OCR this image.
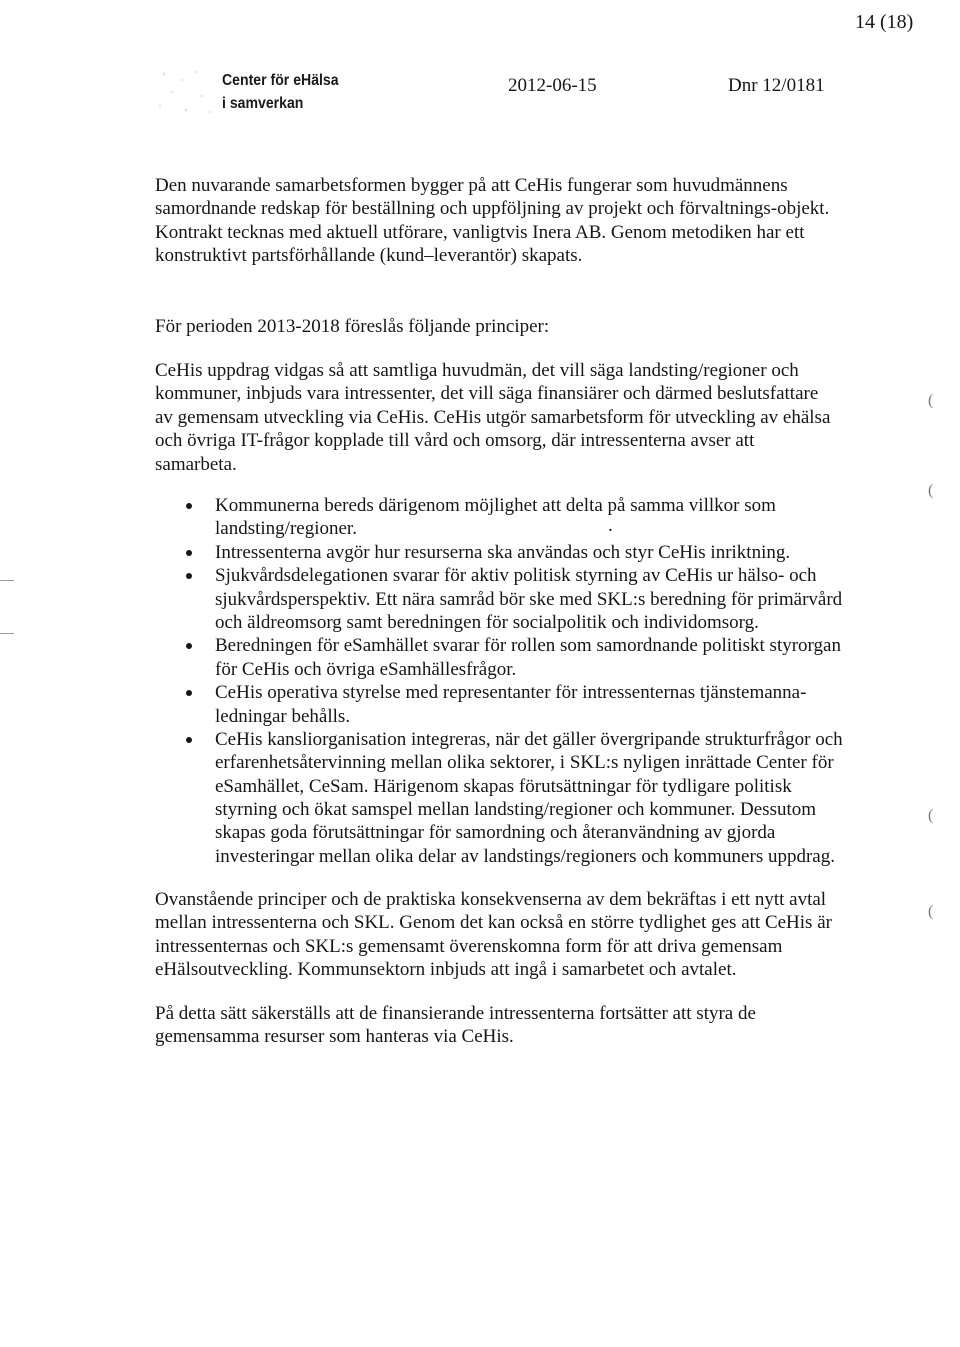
14 (18)
Center för eHälsa
i samverkan
2012-06-15	Dnr 12/0181
Den nuvarande samarbetsformen bygger på att CeHis fungerar som huvudmännens
samordnande redskap för beställning och uppföljning av projekt och förvaltnings-objekt.
Kontrakt tecknas med aktuell utförare, vanligtvis Inera AB. Genom metodiken har ett
konstruktivt partsförhållande (kund–leverantör) skapats.
För perioden 2013-2018 föreslås följande principer:
CeHis uppdrag vidgas så att samtliga huvudmän, det vill säga landsting/regioner och
kommuner, inbjuds vara intressenter, det vill säga finansiärer och därmed beslutsfattare
av gemensam utveckling via CeHis. CeHis utgör samarbetsform för utveckling av ehälsa
och övriga IT-frågor kopplade till vård och omsorg, där intressenterna avser att
samarbeta.
Kommunerna bereds därigenom möjlighet att delta på samma villkor som
landsting/regioner.
Intressenterna avgör hur resurserna ska användas och styr CeHis inriktning.
Sjukvårdsdelegationen svarar för aktiv politisk styrning av CeHis ur hälso- och
sjukvårdsperspektiv. Ett nära samråd bör ske med SKL:s beredning för primärvård
och äldreomsorg samt beredningen för socialpolitik och individomsorg.
Beredningen för eSamhället svarar för rollen som samordnande politiskt styrorgan
för CeHis och övriga eSamhällesfrågor.
CeHis operativa styrelse med representanter för intressenternas tjänstemanna-
ledningar behålls.
CeHis kansliorganisation integreras, när det gäller övergripande strukturfrågor och
erfarenhetsåtervinning mellan olika sektorer, i SKL:s nyligen inrättade Center för
eSamhället, CeSam. Härigenom skapas förutsättningar för tydligare politisk
styrning och ökat samspel mellan landsting/regioner och kommuner. Dessutom
skapas goda förutsättningar för samordning och återanvändning av gjorda
investeringar mellan olika delar av landstings/regioners och kommuners uppdrag.
.
Ovanstående principer och de praktiska konsekvenserna av dem bekräftas i ett nytt avtal
mellan intressenterna och SKL. Genom det kan också en större tydlighet ges att CeHis är
intressenternas och SKL:s gemensamt överenskomna form för att driva gemensam
eHälsoutveckling. Kommunsektorn inbjuds att ingå i samarbetet och avtalet.
På detta sätt säkerställs att de finansierande intressenterna fortsätter att styra de
gemensamma resurser som hanteras via CeHis.
(
(
(
(
